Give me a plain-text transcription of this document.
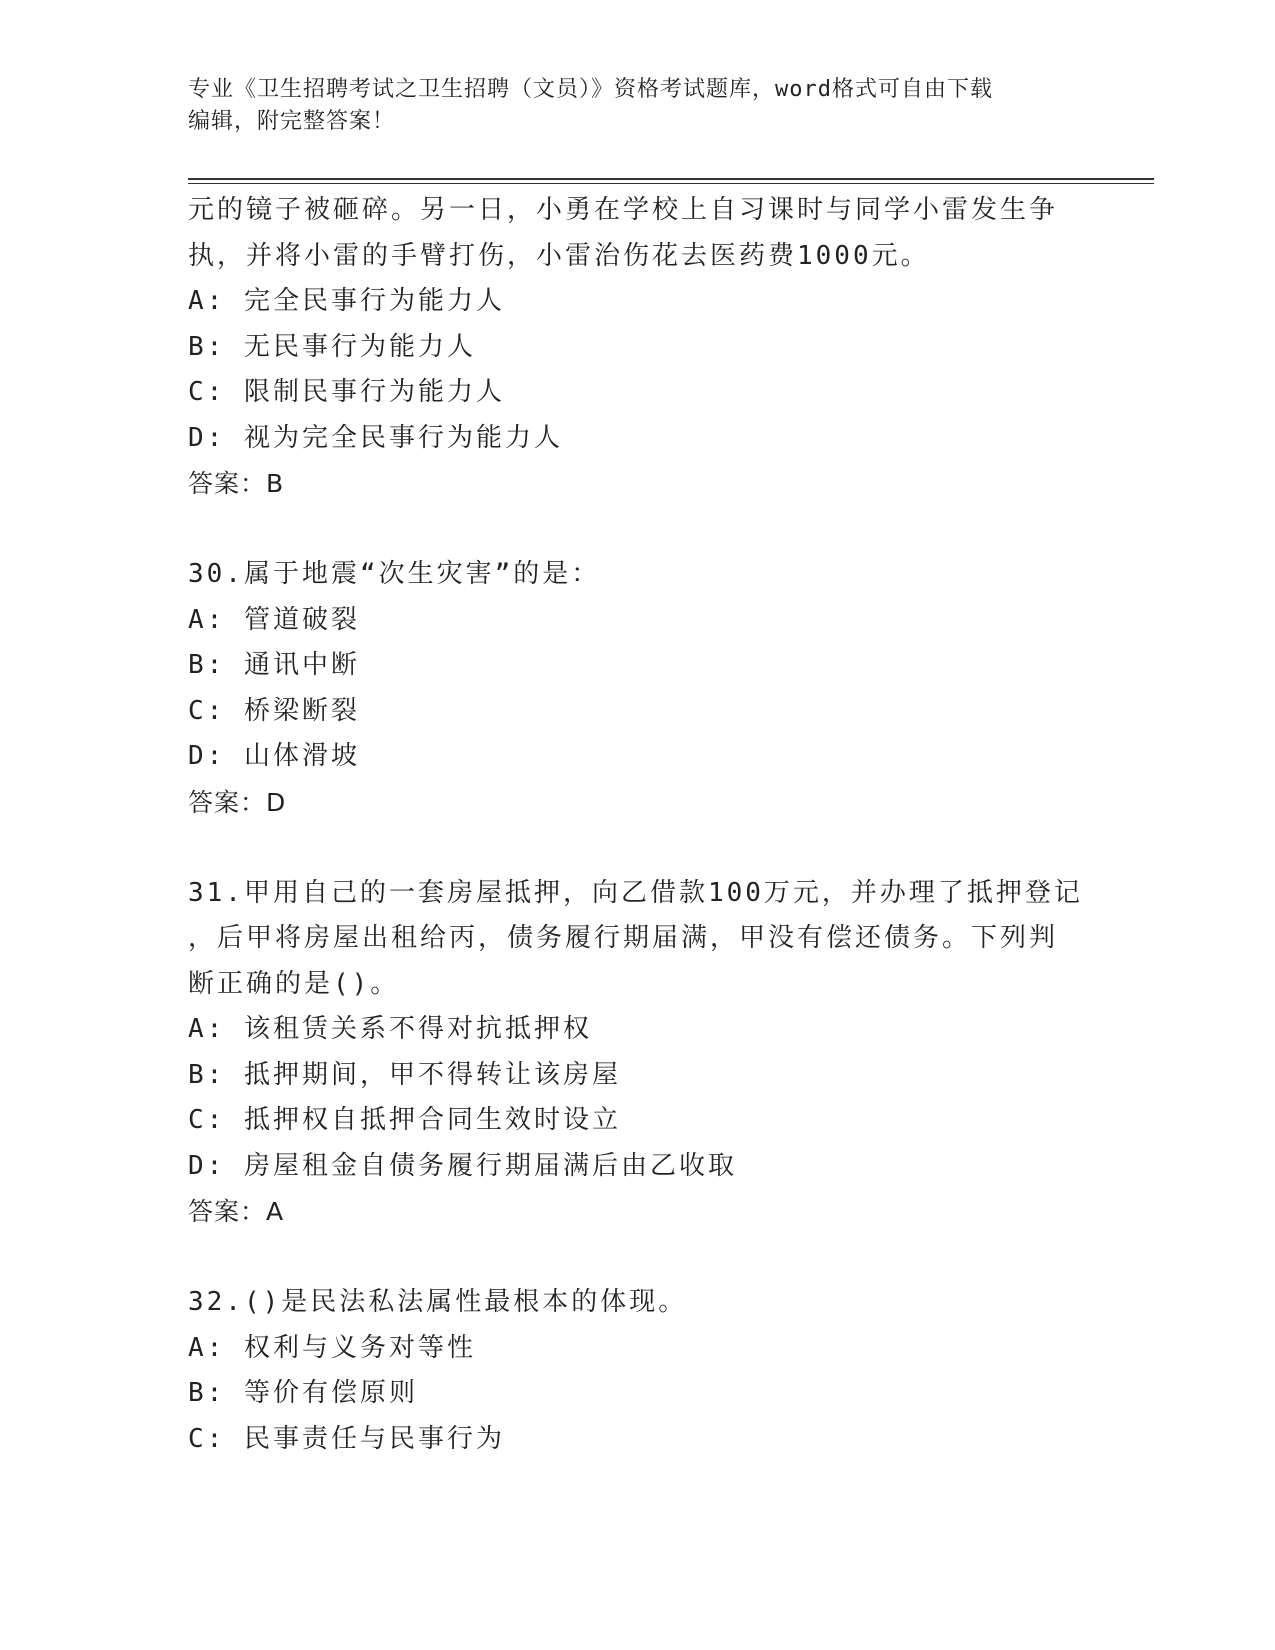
专业《卫生招聘考试之卫生招聘（文员）》资格考试题库，word格式可自由下载
编辑，附完整答案！
元的镜子被砸碎。另一日，小勇在学校上自习课时与同学小雷发生争
执，并将小雷的手臂打伤，小雷治伤花去医药费1000元。
A: 完全民事行为能力人
B: 无民事行为能力人
C: 限制民事行为能力人
D: 视为完全民事行为能力人
答案：B
30.属于地震“次生灾害”的是：
A: 管道破裂
B: 通讯中断
C: 桥梁断裂
D: 山体滑坡
答案：D
31.甲用自己的一套房屋抵押，向乙借款100万元，并办理了抵押登记
，后甲将房屋出租给丙，债务履行期届满，甲没有偿还债务。下列判
断正确的是()。
A: 该租赁关系不得对抗抵押权
B: 抵押期间，甲不得转让该房屋
C: 抵押权自抵押合同生效时设立
D: 房屋租金自债务履行期届满后由乙收取
答案：A
32.()是民法私法属性最根本的体现。
A: 权利与义务对等性
B: 等价有偿原则
C: 民事责任与民事行为
